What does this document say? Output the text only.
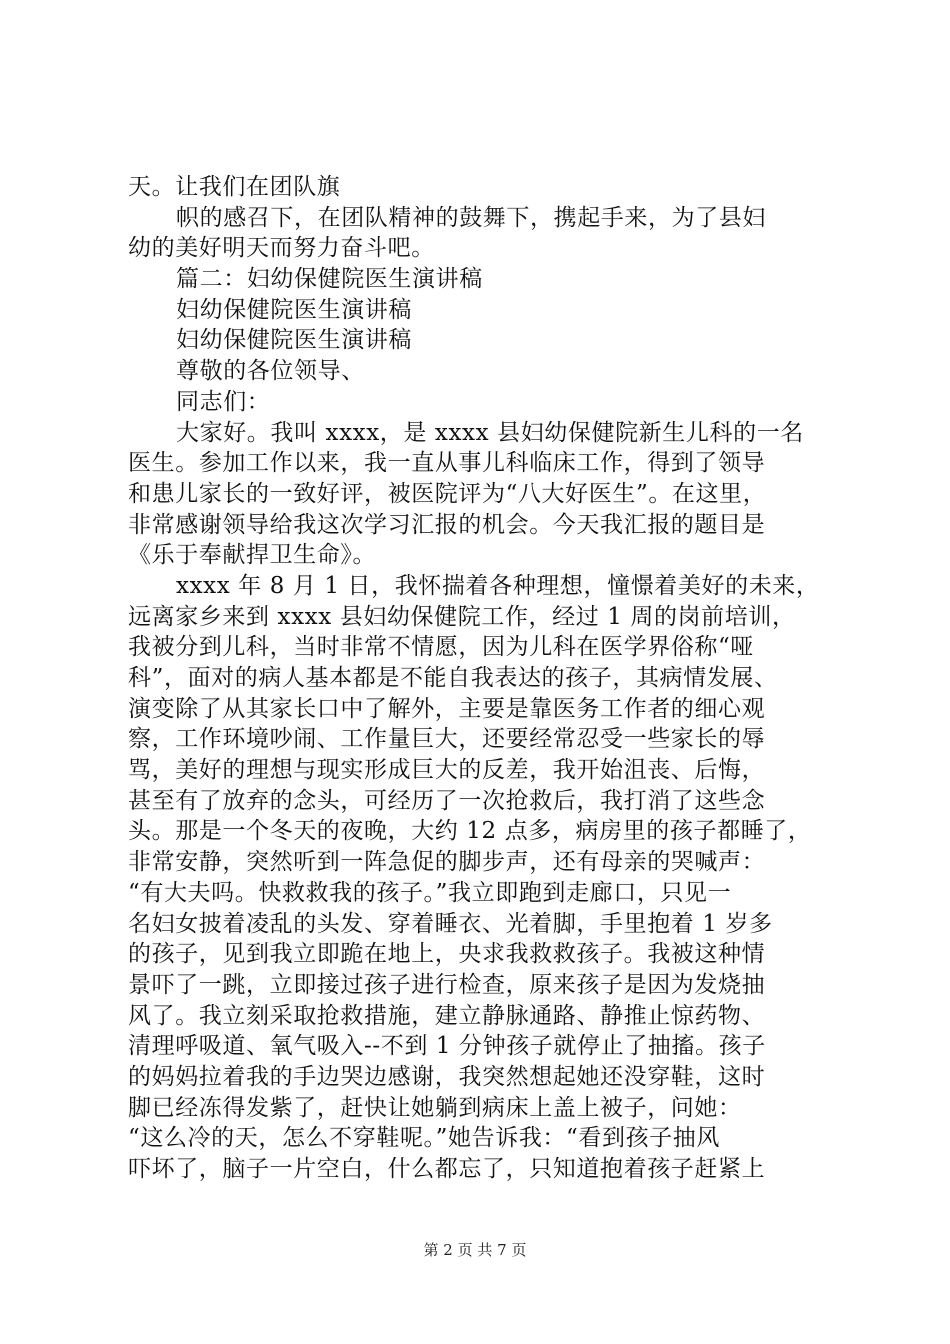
天。让我们在团队旗
帜的感召下，在团队精神的鼓舞下，携起手来，为了县妇
幼的美好明天而努力奋斗吧。
篇二：妇幼保健院医生演讲稿
妇幼保健院医生演讲稿
妇幼保健院医生演讲稿
尊敬的各位领导、
同志们：
大家好。我叫 xxxx，是 xxxx 县妇幼保健院新生儿科的一名
医生。参加工作以来，我一直从事儿科临床工作，得到了领导
和患儿家长的一致好评，被医院评为“八大好医生”。在这里，
非常感谢领导给我这次学习汇报的机会。今天我汇报的题目是
《乐于奉献捍卫生命》。
xxxx 年 8 月 1 日，我怀揣着各种理想，憧憬着美好的未来，
远离家乡来到 xxxx 县妇幼保健院工作，经过 1 周的岗前培训，
我被分到儿科，当时非常不情愿，因为儿科在医学界俗称“哑
科”，面对的病人基本都是不能自我表达的孩子，其病情发展、
演变除了从其家长口中了解外，主要是靠医务工作者的细心观
察，工作环境吵闹、工作量巨大，还要经常忍受一些家长的辱
骂，美好的理想与现实形成巨大的反差，我开始沮丧、后悔，
甚至有了放弃的念头，可经历了一次抢救后，我打消了这些念
头。那是一个冬天的夜晚，大约 12 点多，病房里的孩子都睡了，
非常安静，突然听到一阵急促的脚步声，还有母亲的哭喊声：
“有大夫吗。快救救我的孩子。”我立即跑到走廊口，只见一
名妇女披着凌乱的头发、穿着睡衣、光着脚，手里抱着 1 岁多
的孩子，见到我立即跪在地上，央求我救救孩子。我被这种情
景吓了一跳，立即接过孩子进行检查，原来孩子是因为发烧抽
风了。我立刻采取抢救措施，建立静脉通路、静推止惊药物、
清理呼吸道、氧气吸入--不到 1 分钟孩子就停止了抽搐。孩子
的妈妈拉着我的手边哭边感谢，我突然想起她还没穿鞋，这时
脚已经冻得发紫了，赶快让她躺到病床上盖上被子，问她：
“这么冷的天，怎么不穿鞋呢。”她告诉我：“看到孩子抽风
吓坏了，脑子一片空白，什么都忘了，只知道抱着孩子赶紧上
第 2 页 共 7 页
